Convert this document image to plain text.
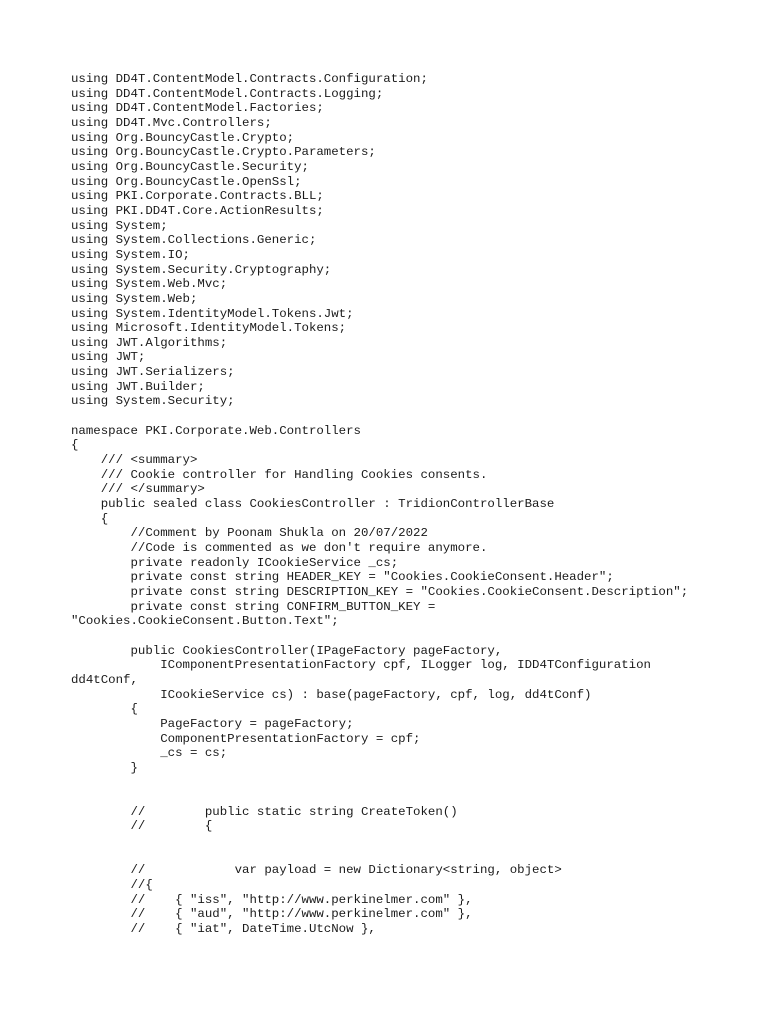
using DD4T.ContentModel.Contracts.Configuration;
using DD4T.ContentModel.Contracts.Logging;
using DD4T.ContentModel.Factories;
using DD4T.Mvc.Controllers;
using Org.BouncyCastle.Crypto;
using Org.BouncyCastle.Crypto.Parameters;
using Org.BouncyCastle.Security;
using Org.BouncyCastle.OpenSsl;
using PKI.Corporate.Contracts.BLL;
using PKI.DD4T.Core.ActionResults;
using System;
using System.Collections.Generic;
using System.IO;
using System.Security.Cryptography;
using System.Web.Mvc;
using System.Web;
using System.IdentityModel.Tokens.Jwt;
using Microsoft.IdentityModel.Tokens;
using JWT.Algorithms;
using JWT;
using JWT.Serializers;
using JWT.Builder;
using System.Security;
namespace PKI.Corporate.Web.Controllers
{
/// <summary>
/// Cookie controller for Handling Cookies consents.
/// </summary>
public sealed class CookiesController : TridionControllerBase
{
//Comment by Poonam Shukla on 20/07/2022
//Code is commented as we don't require anymore.
private readonly ICookieService _cs;
private const string HEADER_KEY = "Cookies.CookieConsent.Header";
private const string DESCRIPTION_KEY = "Cookies.CookieConsent.Description";
private const string CONFIRM_BUTTON_KEY =
"Cookies.CookieConsent.Button.Text";
public CookiesController(IPageFactory pageFactory,
IComponentPresentationFactory cpf, ILogger log, IDD4TConfiguration
dd4tConf,
ICookieService cs) : base(pageFactory, cpf, log, dd4tConf)
{
PageFactory = pageFactory;
ComponentPresentationFactory = cpf;
_cs = cs;
}
//        public static string CreateToken()
//        {
//            var payload = new Dictionary<string, object>
//{
//    { "iss", "http://www.perkinelmer.com" },
//    { "aud", "http://www.perkinelmer.com" },
//    { "iat", DateTime.UtcNow },
